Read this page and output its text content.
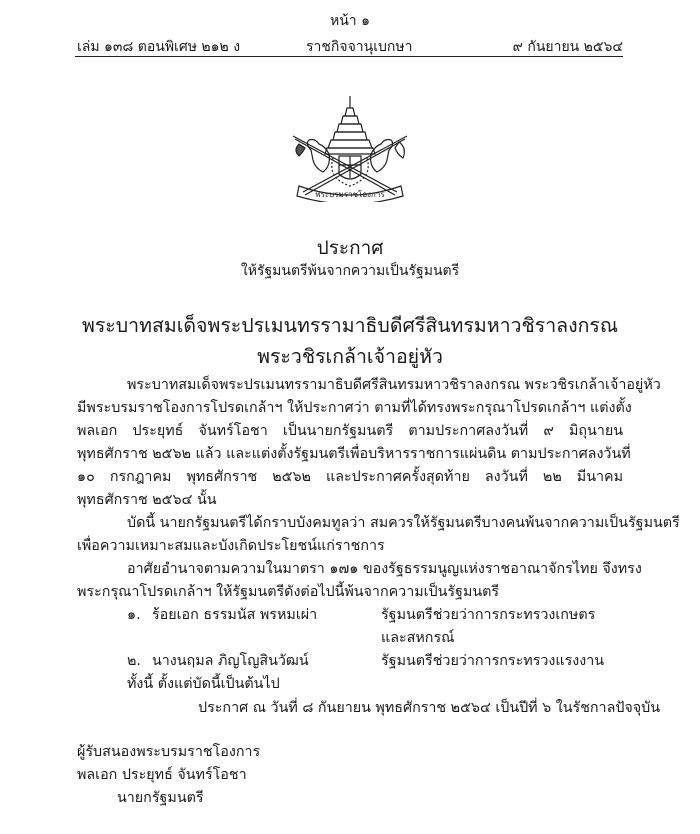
หน้า ๑
เล่ม ๑๓๘ ตอนพิเศษ ๒๑๒ ง	ราชกิจจานุเบกษา	๙ กันยายน ๒๕๖๔
พระบรมราชโองการ
ประกาศ
ให้รัฐมนตรีพ้นจากความเป็นรัฐมนตรี
พระบาทสมเด็จพระปรเมนทรรามาธิบดีศรีสินทรมหาวชิราลงกรณ
พระวชิรเกล้าเจ้าอยู่หัว
พระบาทสมเด็จพระปรเมนทรรามาธิบดีศรีสินทรมหาวชิราลงกรณ พระวชิรเกล้าเจ้าอยู่หัว
มีพระบรมราชโองการโปรดเกล้าฯ ให้ประกาศว่า ตามที่ได้ทรงพระกรุณาโปรดเกล้าฯ แต่งตั้ง
พลเอก ประยุทธ์ จันทร์โอชา เป็นนายกรัฐมนตรี ตามประกาศลงวันที่ ๙ มิถุนายน
พุทธศักราช ๒๕๖๒ แล้ว และแต่งตั้งรัฐมนตรีเพื่อบริหารราชการแผ่นดิน ตามประกาศลงวันที่
๑๐ กรกฎาคม พุทธศักราช ๒๕๖๒ และประกาศครั้งสุดท้าย ลงวันที่ ๒๒ มีนาคม
พุทธศักราช ๒๕๖๔ นั้น
บัดนี้ นายกรัฐมนตรีได้กราบบังคมทูลว่า สมควรให้รัฐมนตรีบางคนพ้นจากความเป็นรัฐมนตรี
เพื่อความเหมาะสมและบังเกิดประโยชน์แก่ราชการ
อาศัยอำนาจตามความในมาตรา ๑๗๑ ของรัฐธรรมนูญแห่งราชอาณาจักรไทย จึงทรง
พระกรุณาโปรดเกล้าฯ ให้รัฐมนตรีดังต่อไปนี้พ้นจากความเป็นรัฐมนตรี
๑. ร้อยเอก ธรรมนัส พรหมเผ่า	รัฐมนตรีช่วยว่าการกระทรวงเกษตร
และสหกรณ์
๒. นางนฤมล ภิญโญสินวัฒน์	รัฐมนตรีช่วยว่าการกระทรวงแรงงาน
ทั้งนี้ ตั้งแต่บัดนี้เป็นต้นไป
ประกาศ ณ วันที่ ๘ กันยายน พุทธศักราช ๒๕๖๔ เป็นปีที่ ๖ ในรัชกาลปัจจุบัน
ผู้รับสนองพระบรมราชโองการ
พลเอก ประยุทธ์ จันทร์โอชา
นายกรัฐมนตรี
